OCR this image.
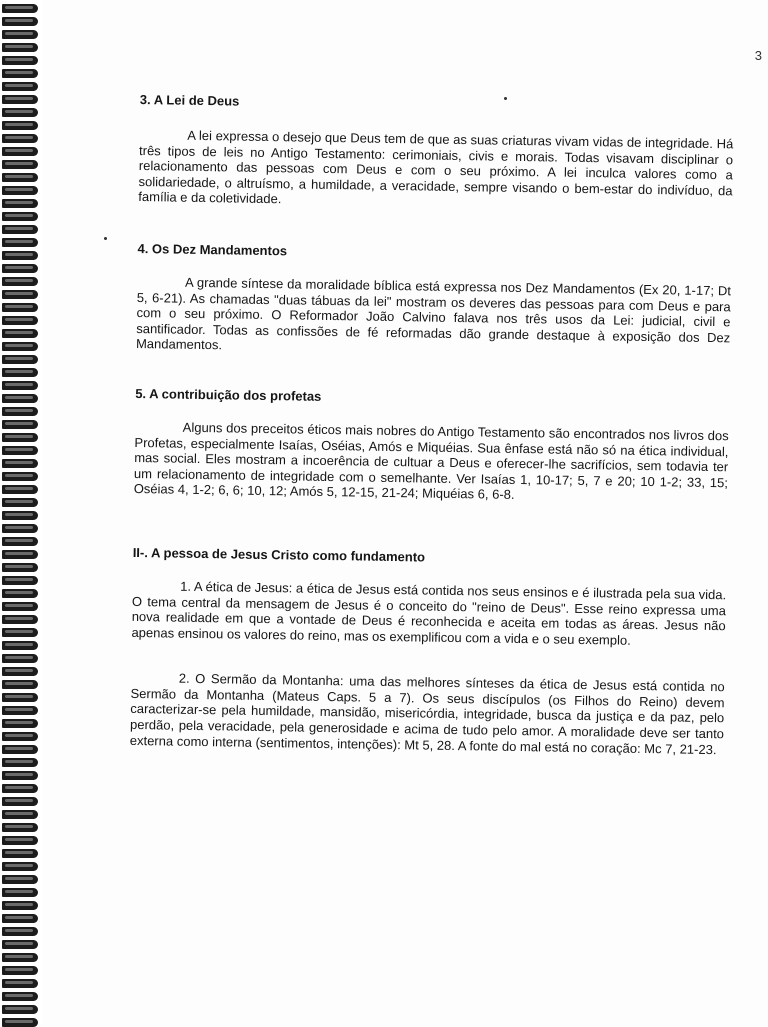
3

3. A Lei de Deus

A lei expressa o desejo que Deus tem de que as suas criaturas vivam vidas de integridade. Há três tipos de leis no Antigo Testamento: cerimoniais, civis e morais. Todas visavam disciplinar o relacionamento das pessoas com Deus e com o seu próximo. A lei inculca valores como a solidariedade, o altruísmo, a humildade, a veracidade, sempre visando o bem-estar do indivíduo, da família e da coletividade.

4. Os Dez Mandamentos

A grande síntese da moralidade bíblica está expressa nos Dez Mandamentos (Ex 20, 1-17; Dt 5, 6-21). As chamadas "duas tábuas da lei" mostram os deveres das pessoas para com Deus e para com o seu próximo. O Reformador João Calvino falava nos três usos da Lei: judicial, civil e santificador. Todas as confissões de fé reformadas dão grande destaque à exposição dos Dez Mandamentos.

5. A contribuição dos profetas

Alguns dos preceitos éticos mais nobres do Antigo Testamento são encontrados nos livros dos Profetas, especialmente Isaías, Oséias, Amós e Miquéias. Sua ênfase está não só na ética individual, mas social. Eles mostram a incoerência de cultuar a Deus e oferecer-lhe sacrifícios, sem todavia ter um relacionamento de integridade com o semelhante. Ver Isaías 1, 10-17; 5, 7 e 20; 10 1-2; 33, 15; Oséias 4, 1-2; 6, 6; 10, 12; Amós 5, 12-15, 21-24; Miquéias 6, 6-8.

II-. A pessoa de Jesus Cristo como fundamento

1. A ética de Jesus: a ética de Jesus está contida nos seus ensinos e é ilustrada pela sua vida. O tema central da mensagem de Jesus é o conceito do "reino de Deus". Esse reino expressa uma nova realidade em que a vontade de Deus é reconhecida e aceita em todas as áreas. Jesus não apenas ensinou os valores do reino, mas os exemplificou com a vida e o seu exemplo.

2. O Sermão da Montanha: uma das melhores sínteses da ética de Jesus está contida no Sermão da Montanha (Mateus Caps. 5 a 7). Os seus discípulos (os Filhos do Reino) devem caracterizar-se pela humildade, mansidão, misericórdia, integridade, busca da justiça e da paz, pelo perdão, pela veracidade, pela generosidade e acima de tudo pelo amor. A moralidade deve ser tanto externa como interna (sentimentos, intenções): Mt 5, 28. A fonte do mal está no coração: Mc 7, 21-23.
